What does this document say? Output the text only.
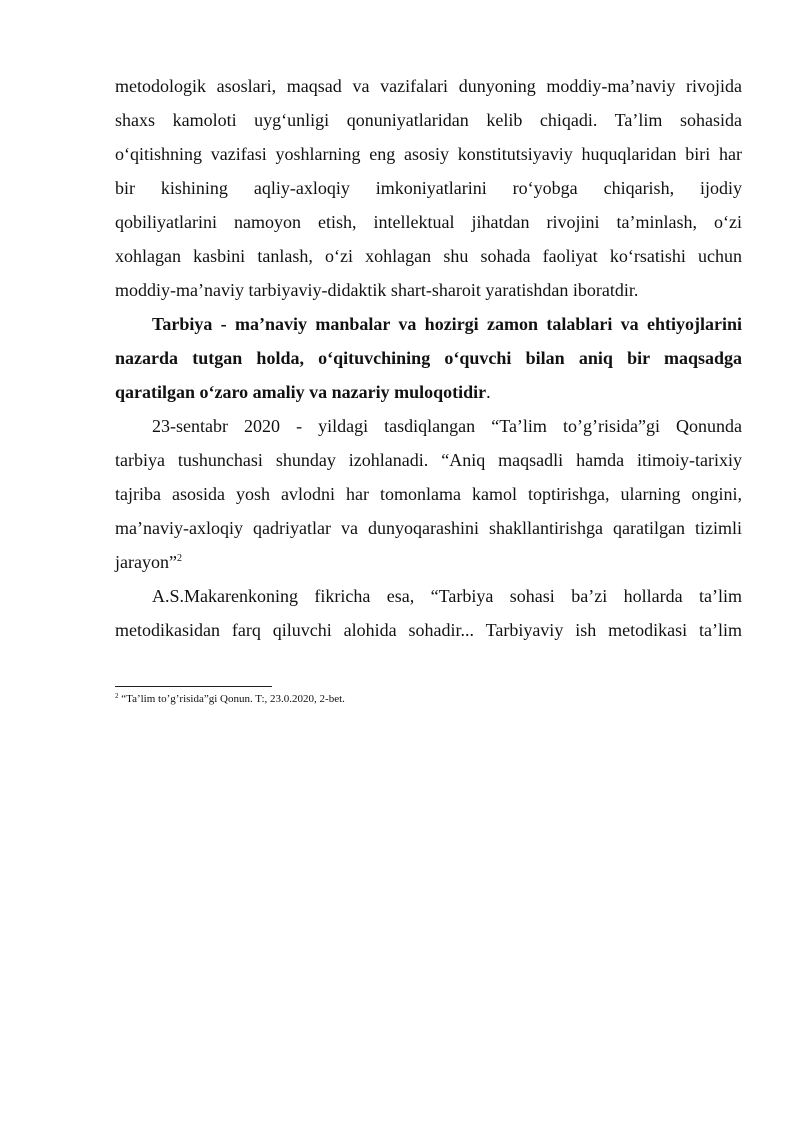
metodologik asoslari, maqsad va vazifalari dunyoning moddiy-ma’naviy rivojida
shaxs kamoloti uyg‘unligi qonuniyatlaridan kelib chiqadi. Ta’lim sohasida
o‘qitishning vazifasi yoshlarning eng asosiy konstitutsiyaviy huquqlaridan biri har
bir kishining aqliy-axloqiy imkoniyatlarini ro‘yobga chiqarish, ijodiy
qobiliyatlarini namoyon etish, intellektual jihatdan rivojini ta’minlash, o‘zi
xohlagan kasbini tanlash, o‘zi xohlagan shu sohada faoliyat ko‘rsatishi uchun
moddiy-ma’naviy tarbiyaviy-didaktik shart-sharoit yaratishdan iboratdir.
Tarbiya - ma’naviy manbalar va hozirgi zamon talablari va ehtiyojlarini
nazarda tutgan holda, o‘qituvchining o‘quvchi bilan aniq bir maqsadga
qaratilgan o‘zaro amaliy va nazariy muloqotidir.
23-sentabr 2020 - yildagi tasdiqlangan “Ta’lim to’g’risida”gi Qonunda
tarbiya tushunchasi shunday izohlanadi. “Aniq maqsadli hamda itimoiy-tarixiy
tajriba asosida yosh avlodni har tomonlama kamol toptirishga, ularning ongini,
ma’naviy-axloqiy qadriyatlar va dunyoqarashini shakllantirishga qaratilgan tizimli
jarayon”$^2$
A.S.Makarenkoning fikricha esa, “Tarbiya sohasi ba’zi hollarda ta’lim
metodikasidan farq qiluvchi alohida sohadir... Tarbiyaviy ish metodikasi ta’lim
$^2$ “Ta’lim to’g’risida”gi Qonun. T:, 23.0.2020, 2-bet.
